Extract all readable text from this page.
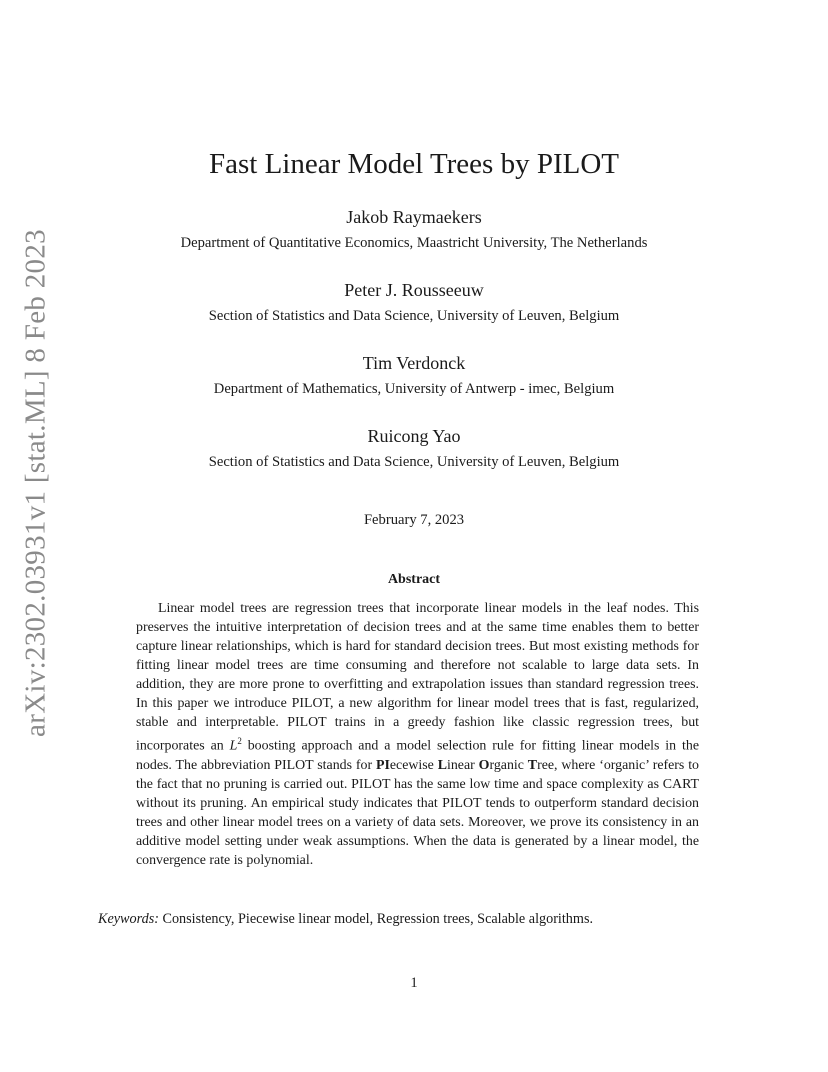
arXiv:2302.03931v1 [stat.ML] 8 Feb 2023
Fast Linear Model Trees by PILOT
Jakob Raymaekers
Department of Quantitative Economics, Maastricht University, The Netherlands
Peter J. Rousseeuw
Section of Statistics and Data Science, University of Leuven, Belgium
Tim Verdonck
Department of Mathematics, University of Antwerp - imec, Belgium
Ruicong Yao
Section of Statistics and Data Science, University of Leuven, Belgium
February 7, 2023
Abstract
Linear model trees are regression trees that incorporate linear models in the leaf nodes. This preserves the intuitive interpretation of decision trees and at the same time enables them to better capture linear relationships, which is hard for standard decision trees. But most existing methods for fitting linear model trees are time consuming and therefore not scalable to large data sets. In addition, they are more prone to overfitting and extrapolation issues than standard regression trees. In this paper we introduce PILOT, a new algorithm for linear model trees that is fast, regularized, stable and interpretable. PILOT trains in a greedy fashion like classic regression trees, but incorporates an $L^2$ boosting approach and a model selection rule for fitting linear models in the nodes. The abbreviation PILOT stands for PIecewise Linear Organic Tree, where ‘organic’ refers to the fact that no pruning is carried out. PILOT has the same low time and space complexity as CART without its pruning. An empirical study indicates that PILOT tends to outperform standard decision trees and other linear model trees on a variety of data sets. Moreover, we prove its consistency in an additive model setting under weak assumptions. When the data is generated by a linear model, the convergence rate is polynomial.
Keywords: Consistency, Piecewise linear model, Regression trees, Scalable algorithms.
1
